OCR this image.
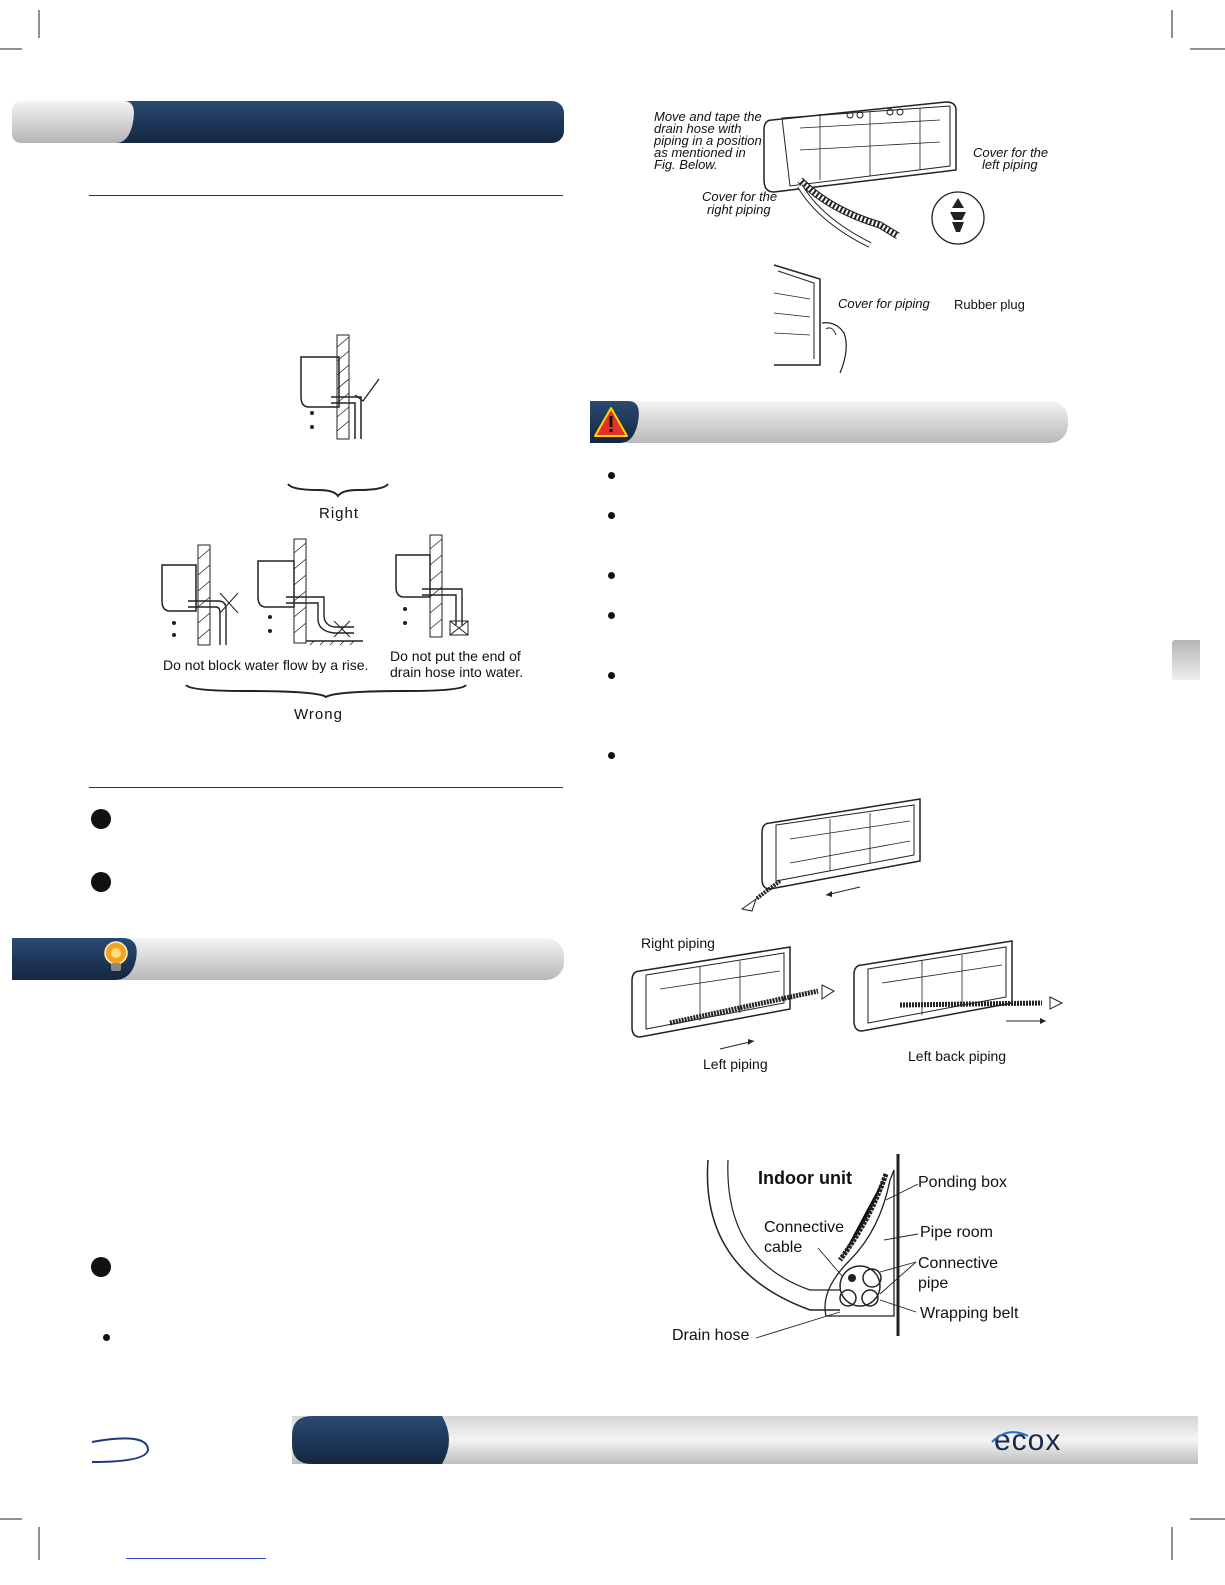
Right
Do not block water flow by a rise.
Do not put the end of
drain hose into water.
Wrong
Move and tape the
drain hose with
piping in a position
as mentioned in
Fig. Below.
Cover for the
left piping
Cover for the
right piping
Cover for piping Rubber plug
Right piping
Left piping	Left back piping
Indoor unit	Ponding box
Connective
cable
Pipe room
Connective
pipe
Wrapping belt
Drain hose
ecox
